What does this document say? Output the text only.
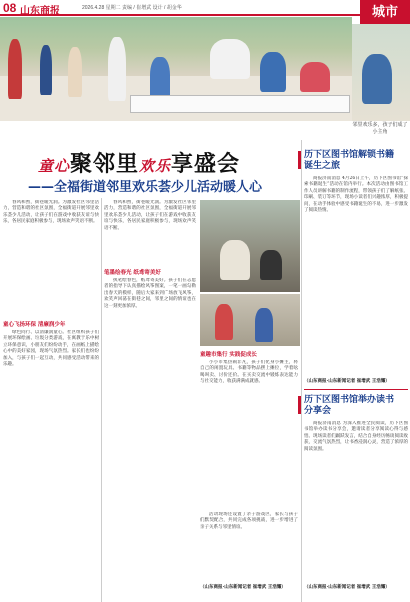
08 山东商报	2026.4.28 星期二 责编 / 崔增武 设计 / 胡金华	城市
邻里欢乐多，孩子们成了小主角
童心聚邻里欢乐享盛会
——全福街道邻里欢乐荟少儿活动暖人心
春风和煦，街巷暖光润。为激发社区邻里活力，营造和谐的社区氛围，全福街道开展邻里欢乐荟少儿活动，让孩子们在游戏中收获友谊与快乐，各居民家庭积极参与，现场欢声笑语不断。
童心飞扬环保 清廉润少年
绿色同行、以清廉润童心。社区组织孩子们开展环保绘画、垃圾分类游戏，在寓教于乐中树立环保意识，小朋友们纷纷动手，在画纸上描绘心中的美好家园，现场气氛热烈。家长们也纷纷加入，与孩子们一起互动，共同感受活动带来的乐趣。
春风和煦，街巷暖光润。为激发社区邻里活力，营造和谐的社区氛围，全福街道开展邻里欢乐荟少儿活动，让孩子们在游戏中收获友谊与快乐，各居民家庭积极参与，现场欢声笑语不断。
笔墨绘春光 纸鸢寄美好
执笔绘春色，纸鸢寄美好。孩子们在志愿者的指导下认真描绘风筝图案，一笔一画勾勒出春天的模样，随后大家来到广场放飞风筝，欢笑声回荡在街巷之间，邻里之间的情谊也在这一刻更加浓厚。
童趣市集行 实践促成长
小小市集热闹非凡，孩子们化身小摊主，将自己的闲置玩具、书籍等物品摆上摊位，学着吆喝叫卖、讨价还价。在买卖交流中锻炼表达能力与社交能力，收获满满成就感。
活动现场还设置了亲子游戏区，家长与孩子们默契配合，共同完成各项挑战，进一步增进了亲子关系与邻里情谊。
（山东商报·山东新闻记者 崔增武 王浩耀）
历下区图书馆解锁书籍诞生之旅
商报济南消息 4月26日上午，历下区图书馆“探索书籍诞生”活动在馆内举行。本次活动由图书馆工作人员讲解书籍的制作流程，带领孩子们了解纸张、印刷、装订等环节，现场小读者们兴趣浓厚，积极提问，在动手体验中感受书籍诞生的不易，进一步激发了阅读热情。
（山东商报·山东新闻记者 崔增武 王浩耀）
历下区图书馆举办读书分享会
商报济南消息 为深入推进全民阅读，历下区图书馆举办读书分享会，邀请读者分享阅读心得与感悟。现场读者们踊跃发言，结合自身经历畅谈阅读收获，交流气氛热烈，让书香浸润心灵，营造了浓厚的阅读氛围。
（山东商报·山东新闻记者 崔增武 王浩耀）
